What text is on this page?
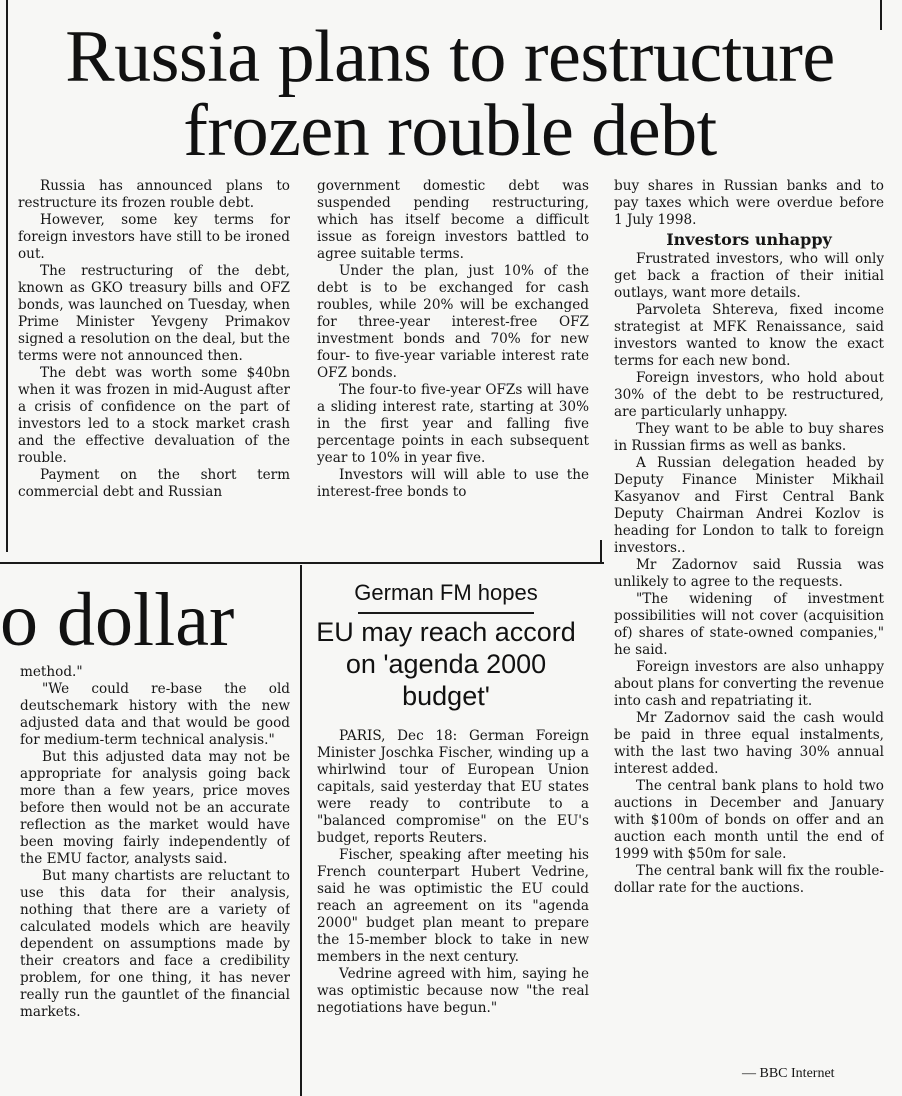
Russia plans to restructure
frozen rouble debt

Russia has announced plans to restructure its frozen rouble debt.

However, some key terms for foreign investors have still to be ironed out.

The restructuring of the debt, known as GKO treasury bills and OFZ bonds, was launched on Tuesday, when Prime Minister Yevgeny Primakov signed a resolution on the deal, but the terms were not announced then.

The debt was worth some $40bn when it was frozen in mid-August after a crisis of confidence on the part of investors led to a stock market crash and the effective devaluation of the rouble.

Payment on the short term commercial debt and Russian

government domestic debt was suspended pending restructuring, which has itself become a difficult issue as foreign investors battled to agree suitable terms.

Under the plan, just 10% of the debt is to be exchanged for cash roubles, while 20% will be exchanged for three-year interest-free OFZ investment bonds and 70% for new four- to five-year variable interest rate OFZ bonds.

The four-to five-year OFZs will have a sliding interest rate, starting at 30% in the first year and falling five percentage points in each subsequent year to 10% in year five.

Investors will will able to use the interest-free bonds to

buy shares in Russian banks and to pay taxes which were overdue before 1 July 1998.

Investors unhappy

Frustrated investors, who will only get back a fraction of their initial outlays, want more details.

Parvoleta Shtereva, fixed income strategist at MFK Renaissance, said investors wanted to know the exact terms for each new bond.

Foreign investors, who hold about 30% of the debt to be restructured, are particularly unhappy.

They want to be able to buy shares in Russian firms as well as banks.

A Russian delegation headed by Deputy Finance Minister Mikhail Kasyanov and First Central Bank Deputy Chairman Andrei Kozlov is heading for London to talk to foreign investors..

Mr Zadornov said Russia was unlikely to agree to the requests.

"The widening of investment possibilities will not cover (acquisition of) shares of state-owned companies," he said.

Foreign investors are also unhappy about plans for converting the revenue into cash and repatriating it.

Mr Zadornov said the cash would be paid in three equal instalments, with the last two having 30% annual interest added.

The central bank plans to hold two auctions in December and January with $100m of bonds on offer and an auction each month until the end of 1999 with $50m for sale.

The central bank will fix the rouble-dollar rate for the auctions.

— BBC Internet
o dollar

method."

"We could re-base the old deutschemark history with the new adjusted data and that would be good for medium-term technical analysis."

But this adjusted data may not be appropriate for analysis going back more than a few years, price moves before then would not be an accurate reflection as the market would have been moving fairly independently of the EMU factor, analysts said.

But many chartists are reluctant to use this data for their analysis, nothing that there are a variety of calculated models which are heavily dependent on assumptions made by their creators and face a credibility problem, for one thing, it has never really run the gauntlet of the financial markets.

German FM hopes
EU may reach accord on 'agenda 2000 budget'

PARIS, Dec 18: German Foreign Minister Joschka Fischer, winding up a whirlwind tour of European Union capitals, said yesterday that EU states were ready to contribute to a "balanced compromise" on the EU's budget, reports Reuters.

Fischer, speaking after meeting his French counterpart Hubert Vedrine, said he was optimistic the EU could reach an agreement on its "agenda 2000" budget plan meant to prepare the 15-member block to take in new members in the next century.

Vedrine agreed with him, saying he was optimistic because now "the real negotiations have begun."
